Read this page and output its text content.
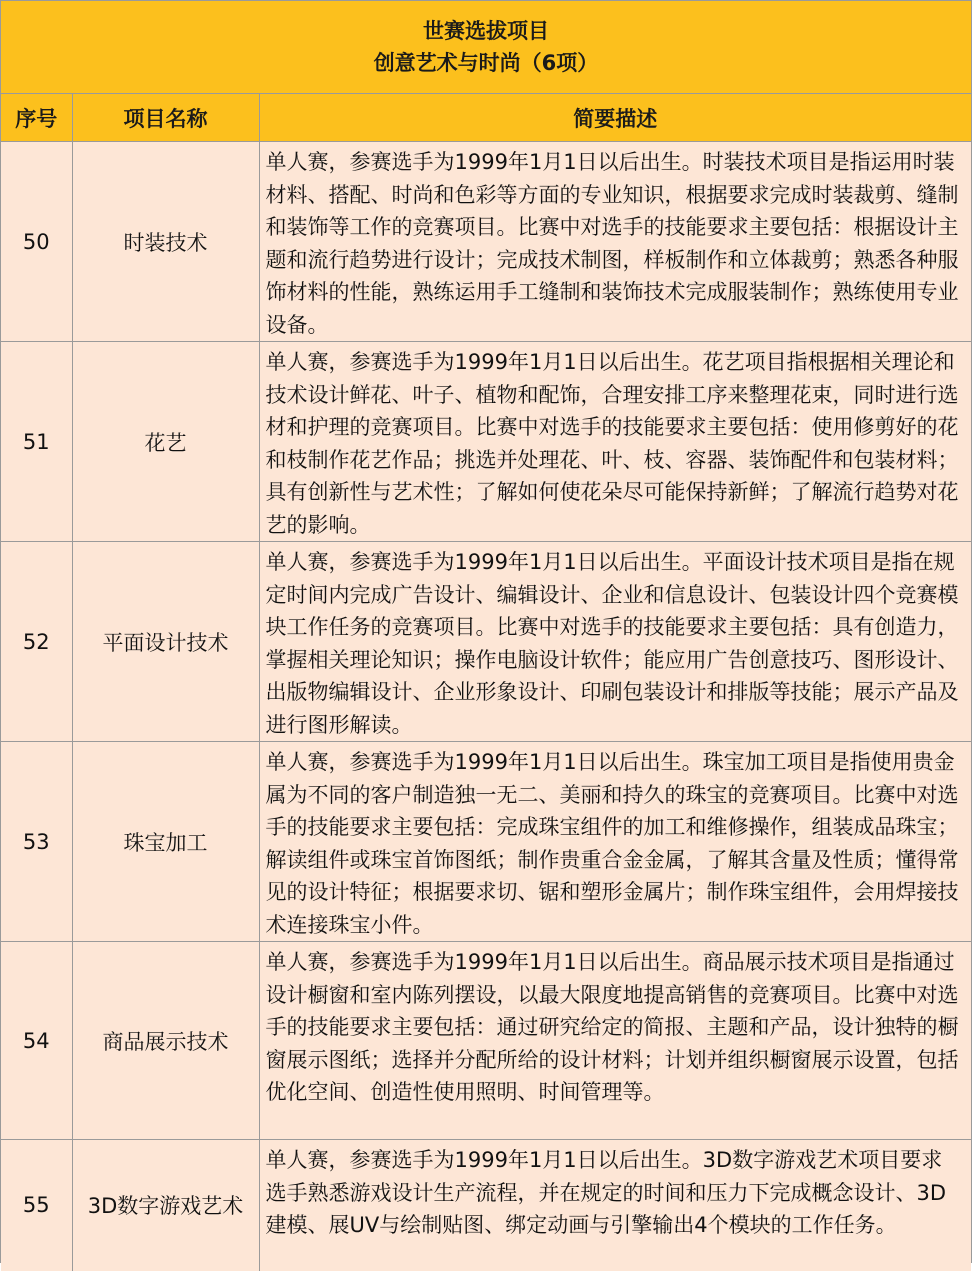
世赛选拔项目
创意艺术与时尚（6项）
序号	项目名称	简要描述
50	时装技术	单人赛，参赛选手为1999年1月1日以后出生。时装技术项目是指运用时装材料、搭配、时尚和色彩等方面的专业知识，根据要求完成时装裁剪、缝制和装饰等工作的竞赛项目。比赛中对选手的技能要求主要包括：根据设计主题和流行趋势进行设计；完成技术制图，样板制作和立体裁剪；熟悉各种服饰材料的性能，熟练运用手工缝制和装饰技术完成服装制作；熟练使用专业设备。
51	花艺	单人赛，参赛选手为1999年1月1日以后出生。花艺项目指根据相关理论和技术设计鲜花、叶子、植物和配饰，合理安排工序来整理花束，同时进行选材和护理的竞赛项目。比赛中对选手的技能要求主要包括：使用修剪好的花和枝制作花艺作品；挑选并处理花、叶、枝、容器、装饰配件和包装材料；具有创新性与艺术性；了解如何使花朵尽可能保持新鲜；了解流行趋势对花艺的影响。
52	平面设计技术	单人赛，参赛选手为1999年1月1日以后出生。平面设计技术项目是指在规定时间内完成广告设计、编辑设计、企业和信息设计、包装设计四个竞赛模块工作任务的竞赛项目。比赛中对选手的技能要求主要包括：具有创造力，掌握相关理论知识；操作电脑设计软件；能应用广告创意技巧、图形设计、出版物编辑设计、企业形象设计、印刷包装设计和排版等技能；展示产品及进行图形解读。
53	珠宝加工	单人赛，参赛选手为1999年1月1日以后出生。珠宝加工项目是指使用贵金属为不同的客户制造独一无二、美丽和持久的珠宝的竞赛项目。比赛中对选手的技能要求主要包括：完成珠宝组件的加工和维修操作，组装成品珠宝；解读组件或珠宝首饰图纸；制作贵重合金金属，了解其含量及性质；懂得常见的设计特征；根据要求切、锯和塑形金属片；制作珠宝组件，会用焊接技术连接珠宝小件。
54	商品展示技术	单人赛，参赛选手为1999年1月1日以后出生。商品展示技术项目是指通过设计橱窗和室内陈列摆设，以最大限度地提高销售的竞赛项目。比赛中对选手的技能要求主要包括：通过研究给定的简报、主题和产品，设计独特的橱窗展示图纸；选择并分配所给的设计材料；计划并组织橱窗展示设置，包括优化空间、创造性使用照明、时间管理等。
55	3D数字游戏艺术	单人赛，参赛选手为1999年1月1日以后出生。3D数字游戏艺术项目要求选手熟悉游戏设计生产流程，并在规定的时间和压力下完成概念设计、3D建模、展UV与绘制贴图、绑定动画与引擎输出4个模块的工作任务。
